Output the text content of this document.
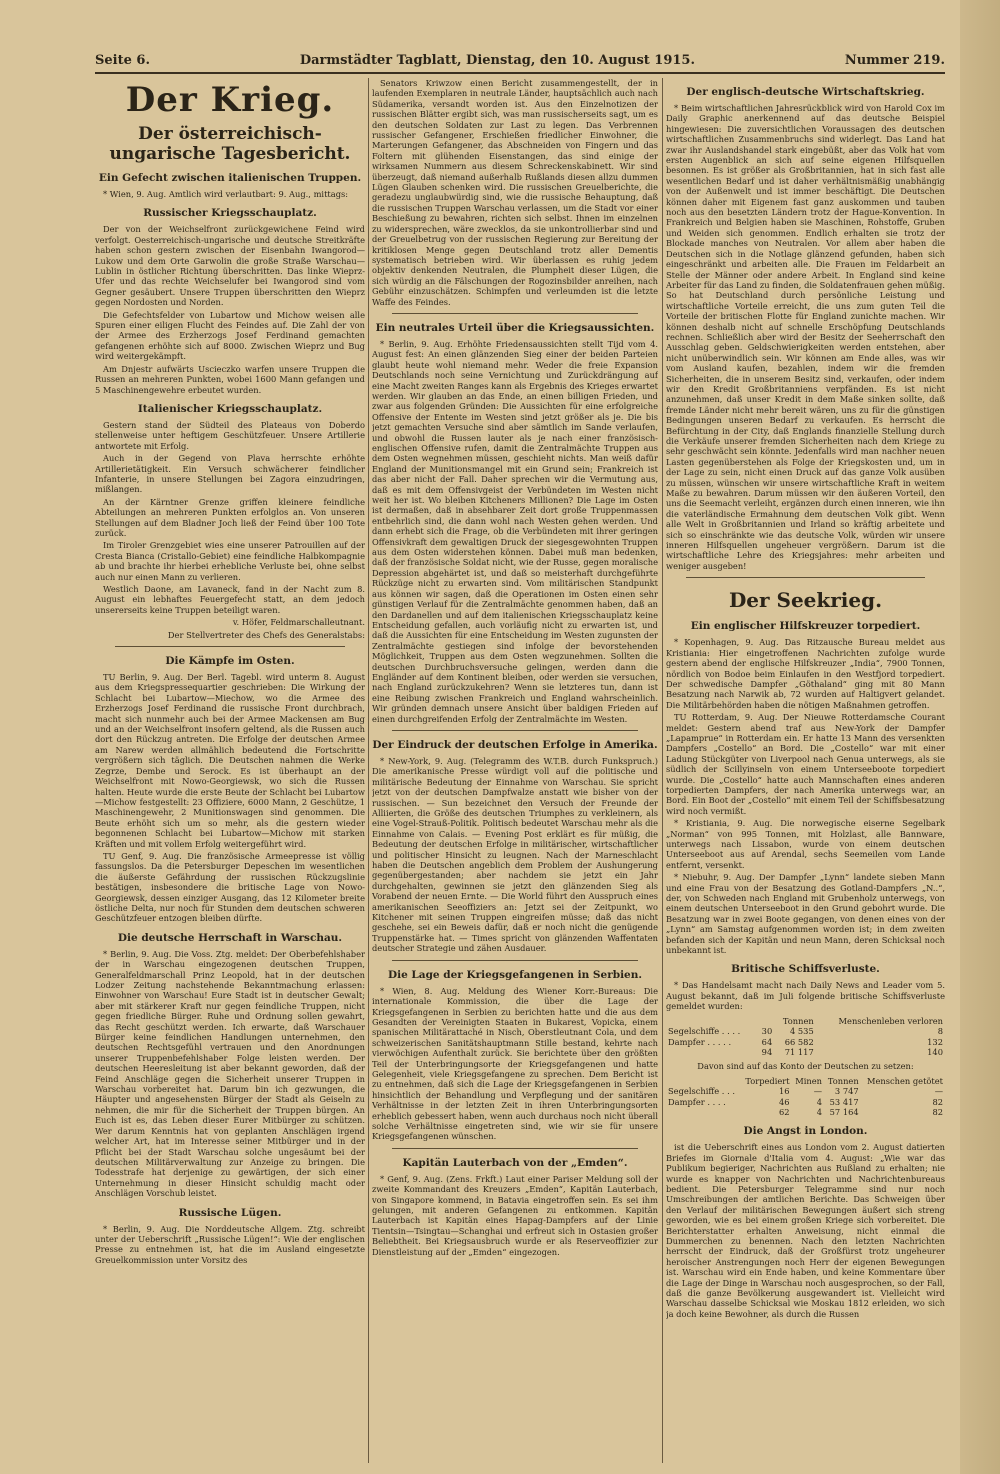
Seite 6.	Darmstädter Tagblatt, Dienstag, den 10. August 1915.	Nummer 219.
Der Krieg.
Der österreichisch-ungarische Tagesbericht.
Ein Gefecht zwischen italienischen Truppen.

* Wien, 9. Aug. Amtlich wird verlautbart: 9. Aug., mittags:

Russischer Kriegsschauplatz.

Der von der Weichselfront zurückgewichene Feind wird verfolgt. Oesterreichisch-ungarische und deutsche Streitkräfte haben schon gestern zwischen der Eisenbahn Iwangorod—Lukow und dem Orte Garwolin die große Straße Warschau—Lublin in östlicher Richtung überschritten. Das linke Wieprz-Ufer und das rechte Weichselufer bei Iwangorod sind vom Gegner gesäubert. Unsere Truppen überschritten den Wieprz gegen Nordosten und Norden.

Die Gefechtsfelder von Lubartow und Michow weisen alle Spuren einer eiligen Flucht des Feindes auf. Die Zahl der von der Armee des Erzherzogs Josef Ferdinand gemachten gefangenen erhöhte sich auf 8000. Zwischen Wieprz und Bug wird weitergekämpft.

Am Dnjestr aufwärts Uscieczko warfen unsere Truppen die Russen an mehreren Punkten, wobei 1600 Mann gefangen und 5 Maschinengewehre erbeutet wurden.

Italienischer Kriegsschauplatz.

Gestern stand der Südteil des Plateaus von Doberdo stellenweise unter heftigem Geschützfeuer. Unsere Artillerie antwortete mit Erfolg.

Auch in der Gegend von Plava herrschte erhöhte Artillerietätigkeit. Ein Versuch schwächerer feindlicher Infanterie, in unsere Stellungen bei Zagora einzudringen, mißlangen.

An der Kärntner Grenze griffen kleinere feindliche Abteilungen an mehreren Punkten erfolglos an. Von unseren Stellungen auf dem Bladner Joch ließ der Feind über 100 Tote zurück.

Im Tiroler Grenzgebiet wies eine unserer Patrouillen auf der Cresta Bianca (Cristallo-Gebiet) eine feindliche Halbkompagnie ab und brachte ihr hierbei erhebliche Verluste bei, ohne selbst auch nur einen Mann zu verlieren.

Westlich Daone, am Lavaneck, fand in der Nacht zum 8. August ein lebhaftes Feuergefecht statt, an dem jedoch unsererseits keine Truppen beteiligt waren.

v. Höfer, Feldmarschalleutnant.
Der Stellvertreter des Chefs des Generalstabs:
Die Kämpfe im Osten.

TU Berlin, 9. Aug. Der Berl. Tagebl. wird unterm 8. August aus dem Kriegspressequartier geschrieben: Die Wirkung der Schlacht bei Lubartow—Miechow, wo die Armee des Erzherzogs Josef Ferdinand die russische Front durchbrach, macht sich nunmehr auch bei der Armee Mackensen am Bug und an der Weichselfront insofern geltend, als die Russen auch dort den Rückzug antreten. Die Erfolge der deutschen Armee am Narew werden allmählich bedeutend die Fortschritte vergrößern sich täglich. Die Deutschen nahmen die Werke Zegrze, Dembe und Serock. Es ist überhaupt an der Weichselfront mit Nowo-Georgiewsk, wo sich die Russen halten. Heute wurde die erste Beute der Schlacht bei Lubartow—Michow festgestellt: 23 Offiziere, 6000 Mann, 2 Geschütze, 1 Maschinengewehr, 2 Munitionswagen sind genommen. Die Beute erhöht sich um so mehr, als die gestern wieder begonnenen Schlacht bei Lubartow—Michow mit starken Kräften und mit vollem Erfolg weitergeführt wird.

TU Genf, 9. Aug. Die französische Armeepresse ist völlig fassungslos. Da die Petersburger Depeschen im wesentlichen die äußerste Gefährdung der russischen Rückzugslinie bestätigen, insbesondere die britische Lage von Nowo-Georgiewsk, dessen einziger Ausgang, das 12 Kilometer breite östliche Delta, nur noch für Stunden dem deutschen schweren Geschützfeuer entzogen bleiben dürfte.

Die deutsche Herrschaft in Warschau.

* Berlin, 9. Aug. Die Voss. Ztg. meldet: Der Oberbefehlshaber der in Warschau eingezogenen deutschen Truppen, Generalfeldmarschall Prinz Leopold, hat in der deutschen Lodzer Zeitung nachstehende Bekanntmachung erlassen: Einwohner von Warschau! Eure Stadt ist in deutscher Gewalt; aber mit stärkerer Kraft nur gegen feindliche Truppen, nicht gegen friedliche Bürger. Ruhe und Ordnung sollen gewahrt, das Recht geschützt werden. Ich erwarte, daß Warschauer Bürger keine feindlichen Handlungen unternehmen, den deutschen Rechtsgefühl vertrauen und den Anordnungen unserer Truppenbefehlshaber Folge leisten werden. Der deutschen Heeresleitung ist aber bekannt geworden, daß der Feind Anschläge gegen die Sicherheit unserer Truppen in Warschau vorbereitet hat. Darum bin ich gezwungen, die Häupter und angesehensten Bürger der Stadt als Geiseln zu nehmen, die mir für die Sicherheit der Truppen bürgen. An Euch ist es, das Leben dieser Eurer Mitbürger zu schützen. Wer darum Kenntnis hat von geplanten Anschlägen irgend welcher Art, hat im Interesse seiner Mitbürger und in der Pflicht bei der Stadt Warschau solche ungesäumt bei der deutschen Militärverwaltung zur Anzeige zu bringen. Die Todesstrafe hat derjenige zu gewärtigen, der sich einer Unternehmung in dieser Hinsicht schuldig macht oder Anschlägen Vorschub leistet.

Russische Lügen.

* Berlin, 9. Aug. Die Norddeutsche Allgem. Ztg. schreibt unter der Ueberschrift „Russische Lügen!“: Wie der englischen Presse zu entnehmen ist, hat die im Ausland eingesetzte Greuelkommission unter Vorsitz des

Senators Kriwzow einen Bericht zusammengestellt, der in laufenden Exemplaren in neutrale Länder, hauptsächlich auch nach Südamerika, versandt worden ist. Aus den Einzelnotizen der russischen Blätter ergibt sich, was man russischerseits sagt, um es den deutschen Soldaten zur Last zu legen. Das Verbrennen russischer Gefangener, Erschießen friedlicher Einwohner, die Marterungen Gefangener, das Abschneiden von Fingern und das Foltern mit glühenden Eisenstangen, das sind einige der wirksamen Nummern aus diesem Schreckenskabinett. Wir sind überzeugt, daß niemand außerhalb Rußlands diesen allzu dummen Lügen Glauben schenken wird. Die russischen Greuelberichte, die geradezu unglaubwürdig sind, wie die russische Behauptung, daß die russischen Truppen Warschau verlassen, um die Stadt vor einer Beschießung zu bewahren, richten sich selbst. Ihnen im einzelnen zu widersprechen, wäre zwecklos, da sie unkontrollierbar sind und der Greuelbetrug von der russischen Regierung zur Bereitung der kritiklosen Menge gegen Deutschland trotz aller Dementis systematisch betrieben wird. Wir überlassen es ruhig jedem objektiv denkenden Neutralen, die Plumpheit dieser Lügen, die sich würdig an die Fälschungen der Rogozinsbilder anreihen, nach Gebühr einzuschätzen. Schimpfen und verleumden ist die letzte Waffe des Feindes.

Ein neutrales Urteil über die Kriegsaussichten.

* Berlin, 9. Aug. Erhöhte Friedensaussichten stellt Tijd vom 4. August fest: An einen glänzenden Sieg einer der beiden Parteien glaubt heute wohl niemand mehr. Weder die freie Expansion Deutschlands noch seine Vernichtung und Zurückdrängung auf eine Macht zweiten Ranges kann als Ergebnis des Krieges erwartet werden. Wir glauben an das Ende, an einen billigen Frieden, und zwar aus folgenden Gründen: Die Aussichten für eine erfolgreiche Offensive der Entente im Westen sind jetzt größer als je. Die bis jetzt gemachten Versuche sind aber sämtlich im Sande verlaufen, und obwohl die Russen lauter als je nach einer französisch-englischen Offensive rufen, damit die Zentralmächte Truppen aus dem Osten wegnehmen müssen, geschieht nichts. Man weiß dafür England der Munitionsmangel mit ein Grund sein; Frankreich ist das aber nicht der Fall. Daher sprechen wir die Vermutung aus, daß es mit dem Offensivgeist der Verbündeten im Westen nicht weit her ist. Wo bleiben Kitcheners Millionen? Die Lage im Osten ist dermaßen, daß in absehbarer Zeit dort große Truppenmassen entbehrlich sind, die dann wohl nach Westen gehen werden. Und dann erhebt sich die Frage, ob die Verbündeten mit ihrer geringen Offensivkraft dem gewaltigen Druck der siegesgewohnten Truppen aus dem Osten widerstehen können. Dabei muß man bedenken, daß der französische Soldat nicht, wie der Russe, gegen moralische Depression abgehärtet ist, und daß so meisterhaft durchgeführte Rückzüge nicht zu erwarten sind. Vom militärischen Standpunkt aus können wir sagen, daß die Operationen im Osten einen sehr günstigen Verlauf für die Zentralmächte genommen haben, daß an den Dardanellen und auf dem italienischen Kriegsschauplatz keine Entscheidung gefallen, auch vorläufig nicht zu erwarten ist, und daß die Aussichten für eine Entscheidung im Westen zugunsten der Zentralmächte gestiegen sind infolge der bevorstehenden Möglichkeit, Truppen aus dem Osten wegzunehmen. Sollten die deutschen Durchbruchsversuche gelingen, werden dann die Engländer auf dem Kontinent bleiben, oder werden sie versuchen, nach England zurückzukehren? Wenn sie letzteres tun, dann ist eine Reibung zwischen Frankreich und England wahrscheinlich. Wir gründen demnach unsere Ansicht über baldigen Frieden auf einen durchgreifenden Erfolg der Zentralmächte im Westen.

Der Eindruck der deutschen Erfolge in Amerika.

* New-York, 9. Aug. (Telegramm des W.T.B. durch Funkspruch.) Die amerikanische Presse würdigt voll auf die politische und militärische Bedeutung der Einnahme von Warschau. Sie spricht jetzt von der deutschen Dampfwalze anstatt wie bisher von der russischen. — Sun bezeichnet den Versuch der Freunde der Alliierten, die Größe des deutschen Triumphes zu verkleinern, als eine Vogel-Strauß-Politik. Politisch bedeutet Warschau mehr als die Einnahme von Calais. — Evening Post erklärt es für müßig, die Bedeutung der deutschen Erfolge in militärischer, wirtschaftlicher und politischer Hinsicht zu leugnen. Nach der Marneschlacht haben die Deutschen angeblich dem Problem der Aushungerung gegenübergestanden; aber nachdem sie jetzt ein Jahr durchgehalten, gewinnen sie jetzt den glänzenden Sieg als Vorabend der neuen Ernte. — Die World führt den Ausspruch eines amerikanischen Seeoffiziers an: Jetzt sei der Zeitpunkt, wo Kitchener mit seinen Truppen eingreifen müsse; daß das nicht geschehe, sei ein Beweis dafür, daß er noch nicht die genügende Truppenstärke hat. — Times spricht von glänzenden Waffentaten deutscher Strategie und zähen Ausdauer.

Die Lage der Kriegsgefangenen in Serbien.

* Wien, 8. Aug. Meldung des Wiener Korr.-Bureaus: Die internationale Kommission, die über die Lage der Kriegsgefangenen in Serbien zu berichten hatte und die aus dem Gesandten der Vereinigten Staaten in Bukarest, Vopicka, einem spanischen Militärattaché in Nisch, Oberstleutnant Cola, und dem schweizerischen Sanitätshauptmann Stille bestand, kehrte nach vierwöchigen Aufenthalt zurück. Sie berichtete über den größten Teil der Unterbringungsorte der Kriegsgefangenen und hatte Gelegenheit, viele Kriegsgefangene zu sprechen. Dem Bericht ist zu entnehmen, daß sich die Lage der Kriegsgefangenen in Serbien hinsichtlich der Behandlung und Verpflegung und der sanitären Verhältnisse in der letzten Zeit in ihren Unterbringungsorten erheblich gebessert haben, wenn auch durchaus noch nicht überall solche Verhältnisse eingetreten sind, wie wir sie für unsere Kriegsgefangenen wünschen.

Kapitän Lauterbach von der „Emden“.

* Genf, 9. Aug. (Zens. Frkft.) Laut einer Pariser Meldung soll der zweite Kommandant des Kreuzers „Emden“, Kapitän Lauterbach, von Singapore kommend, in Batavia eingetroffen sein. Es sei ihm gelungen, mit anderen Gefangenen zu entkommen. Kapitän Lauterbach ist Kapitän eines Hapag-Dampfers auf der Linie Tientsin—Tsingtau—Schanghai und erfreut sich in Ostasien großer Beliebtheit. Bei Kriegsausbruch wurde er als Reserveoffizier zur Dienstleistung auf der „Emden“ eingezogen.

Der englisch-deutsche Wirtschaftskrieg.

* Beim wirtschaftlichen Jahresrückblick wird von Harold Cox im Daily Graphic anerkennend auf das deutsche Beispiel hingewiesen: Die zuversichtlichen Voraussagen des deutschen wirtschaftlichen Zusammenbruchs sind widerlegt. Das Land hat zwar ihr Auslandshandel stark eingebüßt, aber das Volk hat vom ersten Augenblick an sich auf seine eigenen Hilfsquellen besonnen. Es ist größer als Großbritannien, hat in sich fast alle wesentlichen Bedarf und ist daher verhältnismäßig unabhängig von der Außenwelt und ist immer beschäftigt. Die Deutschen können daher mit Eigenem fast ganz auskommen und tauben noch aus den besetzten Ländern trotz der Hague-Konvention. In Frankreich und Belgien haben sie Maschinen, Rohstoffe, Gruben und Weiden sich genommen. Endlich erhalten sie trotz der Blockade manches von Neutralen. Vor allem aber haben die Deutschen sich in die Notlage glänzend gefunden, haben sich eingeschränkt und arbeiten alle. Die Frauen im Feldarbeit an Stelle der Männer oder andere Arbeit. In England sind keine Arbeiter für das Land zu finden, die Soldatenfrauen gehen müßig. So hat Deutschland durch persönliche Leistung und wirtschaftliche Vorteile erreicht, die uns zum guten Teil die Vorteile der britischen Flotte für England zunichte machen. Wir können deshalb nicht auf schnelle Erschöpfung Deutschlands rechnen. Schließlich aber wird der Besitz der Seeherrschaft den Ausschlag geben. Geldschwierigkeiten werden entstehen, aber nicht unüberwindlich sein. Wir können am Ende alles, was wir vom Ausland kaufen, bezahlen, indem wir die fremden Sicherheiten, die in unserem Besitz sind, verkaufen, oder indem wir den Kredit Großbritanniens verpfänden. Es ist nicht anzunehmen, daß unser Kredit in dem Maße sinken sollte, daß fremde Länder nicht mehr bereit wären, uns zu für die günstigen Bedingungen unseren Bedarf zu verkaufen. Es herrscht die Befürchtung in der City, daß Englands finanzielle Stellung durch die Verkäufe unserer fremden Sicherheiten nach dem Kriege zu sehr geschwächt sein könnte. Jedenfalls wird man nachher neuen Lasten gegenüberstehen als Folge der Kriegskosten und, um in der Lage zu sein, nicht einen Druck auf das ganze Volk ausüben zu müssen, wünschen wir unsere wirtschaftliche Kraft in weitem Maße zu bewahren. Darum müssen wir den äußeren Vorteil, den uns die Seemacht verleiht, ergänzen durch einen inneren, wie ihn die vaterländische Ermahnung dem deutschen Volk gibt. Wenn alle Welt in Großbritannien und Irland so kräftig arbeitete und sich so einschränkte wie das deutsche Volk, würden wir unsere inneren Hilfsquellen ungeheuer vergrößern. Darum ist die wirtschaftliche Lehre des Kriegsjahres: mehr arbeiten und weniger ausgeben!

Der Seekrieg.
Ein englischer Hilfskreuzer torpediert.

* Kopenhagen, 9. Aug. Das Ritzausche Bureau meldet aus Kristiania: Hier eingetroffenen Nachrichten zufolge wurde gestern abend der englische Hilfskreuzer „India“, 7900 Tonnen, nördlich von Bodoe beim Einlaufen in den Westfjord torpediert. Der schwedische Dampfer „Göthaland“ ging mit 80 Mann Besatzung nach Narwik ab, 72 wurden auf Haltigvert gelandet. Die Militärbehörden haben die nötigen Maßnahmen getroffen.

TU Rotterdam, 9. Aug. Der Nieuwe Rotterdamsche Courant meldet: Gestern abend traf aus New-York der Dampfer „Lapamprue“ in Rotterdam ein. Er hatte 13 Mann des versenkten Dampfers „Costello“ an Bord. Die „Costello“ war mit einer Ladung Stückgüter von Liverpool nach Genua unterwegs, als sie südlich der Scillyinseln von einem Unterseeboote torpediert wurde. Die „Costello“ hatte auch Mannschaften eines anderen torpedierten Dampfers, der nach Amerika unterwegs war, an Bord. Ein Boot der „Costello“ mit einem Teil der Schiffsbesatzung wird noch vermißt.

* Kristiania, 9. Aug. Die norwegische eiserne Segelbark „Norman“ von 995 Tonnen, mit Holzlast, alle Bannware, unterwegs nach Lissabon, wurde von einem deutschen Unterseeboot aus auf Arendal, sechs Seemeilen vom Lande entfernt, versenkt.

* Niebuhr, 9. Aug. Der Dampfer „Lynn“ landete sieben Mann und eine Frau von der Besatzung des Gotland-Dampfers „N..“, der, von Schweden nach England mit Grubenholz unterwegs, von einem deutschen Unterseeboot in den Grund gebohrt wurde. Die Besatzung war in zwei Boote gegangen, von denen eines von der „Lynn“ am Samstag aufgenommen worden ist; in dem zweiten befanden sich der Kapitän und neun Mann, deren Schicksal noch unbekannt ist.

Britische Schiffsverluste.

* Das Handelsamt macht nach Daily News and Leader vom 5. August bekannt, daß im Juli folgende britische Schiffsverluste gemeldet wurden:

		Tonnen	Menschenleben verloren
Segelschiffe . . . .	30	4 535	8
Dampfer . . . . .	64	66 582	132
	94	71 117	140
Davon sind auf das Konto der Deutschen zu setzen:
	Torpediert	Minen	Tonnen	Menschen getötet
Segelschiffe . . .	16	—	3 747	—
Dampfer . . . .	46	4	53 417	82
	62	4	57 164	82
Die Angst in London.

ist die Ueberschrift eines aus London vom 2. August datierten Briefes im Giornale d'Italia vom 4. August: „Wie war das Publikum begieriger, Nachrichten aus Rußland zu erhalten; nie wurde es knapper von Nachrichten und Nachrichtenbureaus bedient. Die Petersburger Telegramme sind nur noch Umschreibungen der amtlichen Berichte. Das Schweigen über den Verlauf der militärischen Bewegungen äußert sich streng geworden, wie es bei einem großen Kriege sich vorbereitet. Die Berichterstatter erhalten Anweisung, nicht einmal die Dummerchen zu benennen. Nach den letzten Nachrichten herrscht der Eindruck, daß der Großfürst trotz ungeheurer heroischer Anstrengungen noch Herr der eigenen Bewegungen ist. Warschau wird ein Ende haben, und keine Kommentare über die Lage der Dinge in Warschau noch ausgesprochen, so der Fall, daß die ganze Bevölkerung ausgewandert ist. Vielleicht wird Warschau dasselbe Schicksal wie Moskau 1812 erleiden, wo sich ja doch keine Bewohner, als durch die Russen
